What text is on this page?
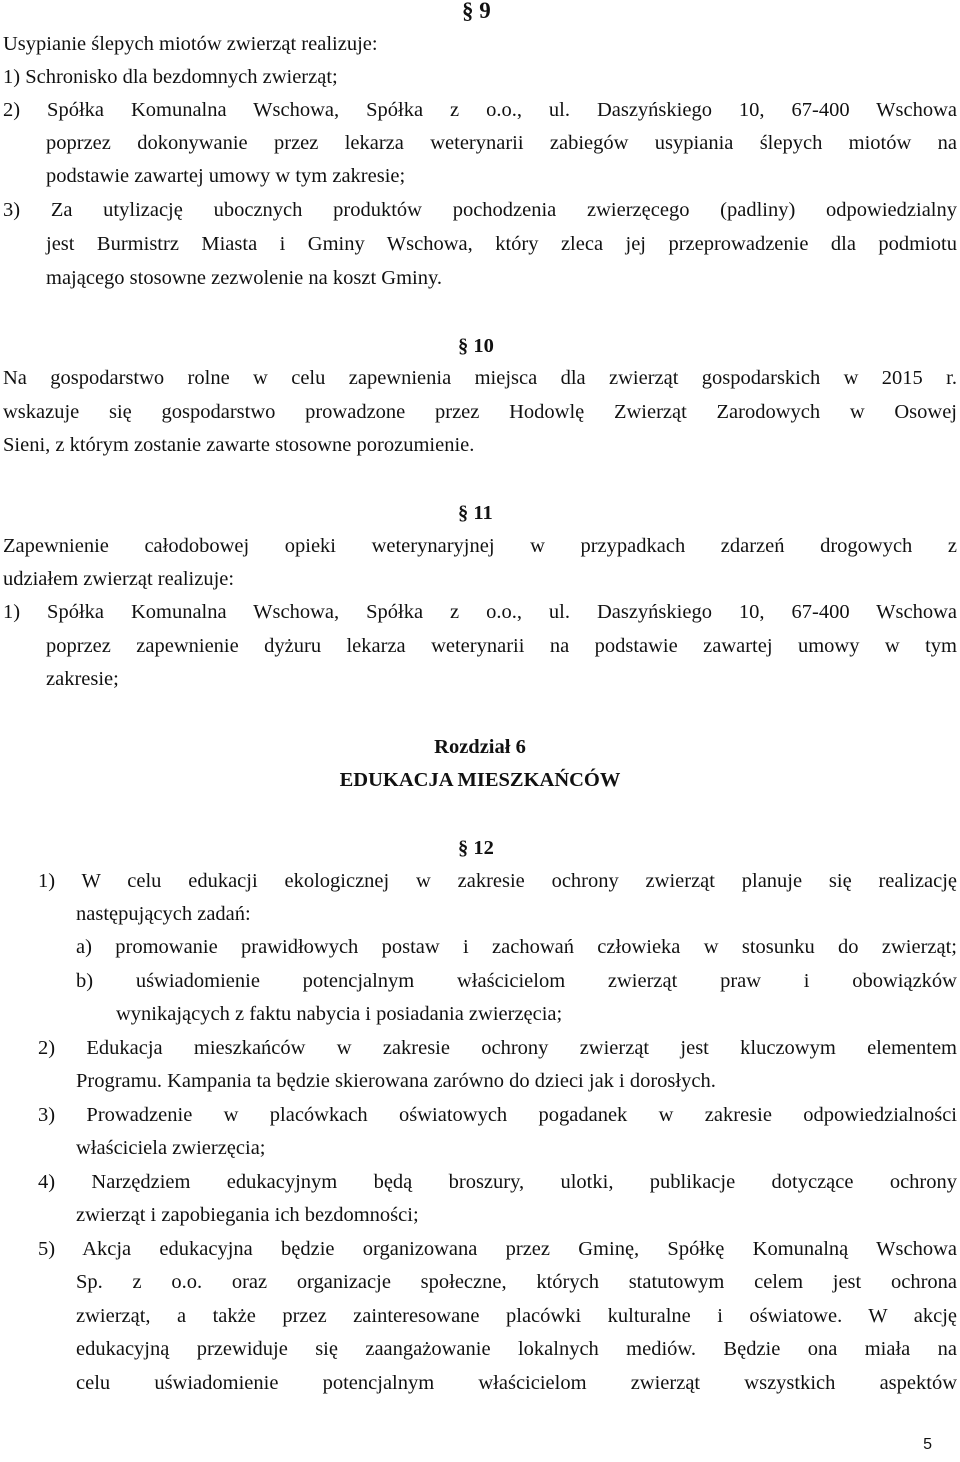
§ 9
Usypianie ślepych miotów zwierząt realizuje:
1) Schronisko dla bezdomnych zwierząt;
2) Spółka Komunalna Wschowa, Spółka z o.o., ul. Daszyńskiego 10, 67-400 Wschowa
poprzez dokonywanie przez lekarza weterynarii zabiegów usypiania ślepych miotów na
podstawie zawartej umowy w tym zakresie;
3) Za utylizację ubocznych produktów pochodzenia zwierzęcego (padliny) odpowiedzialny
jest Burmistrz Miasta i Gminy Wschowa, który zleca jej przeprowadzenie dla podmiotu
mającego stosowne zezwolenie na koszt Gminy.
§ 10
Na gospodarstwo rolne w celu zapewnienia miejsca dla zwierząt gospodarskich w 2015 r.
wskazuje się gospodarstwo prowadzone przez Hodowlę Zwierząt Zarodowych w Osowej
Sieni, z którym zostanie zawarte stosowne porozumienie.
§ 11
Zapewnienie całodobowej opieki weterynaryjnej w przypadkach zdarzeń drogowych z
udziałem zwierząt realizuje:
1) Spółka Komunalna Wschowa, Spółka z o.o., ul. Daszyńskiego 10, 67-400 Wschowa
poprzez zapewnienie dyżuru lekarza weterynarii na podstawie zawartej umowy w tym
zakresie;
Rozdział 6
EDUKACJA MIESZKAŃCÓW
§ 12
1) W celu edukacji ekologicznej w zakresie ochrony zwierząt planuje się realizację
następujących zadań:
a) promowanie prawidłowych postaw i zachowań człowieka w stosunku do zwierząt;
b) uświadomienie potencjalnym właścicielom zwierząt praw i obowiązków
wynikających z faktu nabycia i posiadania zwierzęcia;
2) Edukacja mieszkańców w zakresie ochrony zwierząt jest kluczowym elementem
Programu. Kampania ta będzie skierowana zarówno do dzieci jak i dorosłych.
3) Prowadzenie w placówkach oświatowych pogadanek w zakresie odpowiedzialności
właściciela zwierzęcia;
4) Narzędziem edukacyjnym będą broszury, ulotki, publikacje dotyczące ochrony
zwierząt i zapobiegania ich bezdomności;
5) Akcja edukacyjna będzie organizowana przez Gminę, Spółkę Komunalną Wschowa
Sp. z o.o. oraz organizacje społeczne, których statutowym celem jest ochrona
zwierząt, a także przez zainteresowane placówki kulturalne i oświatowe. W akcję
edukacyjną przewiduje się zaangażowanie lokalnych mediów. Będzie ona miała na
celu uświadomienie potencjalnym właścicielom zwierząt wszystkich aspektów
5
